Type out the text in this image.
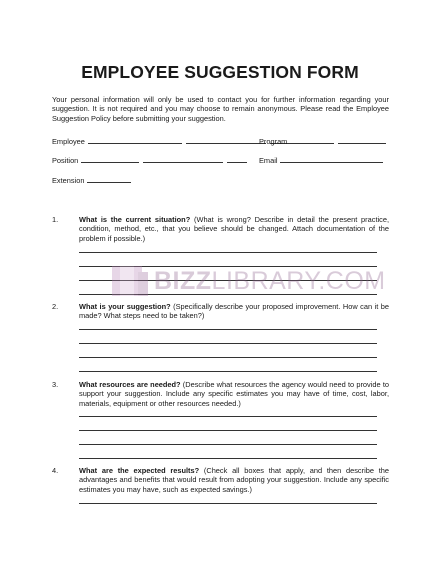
EMPLOYEE SUGGESTION FORM
Your personal information will only be used to contact you for further information regarding your suggestion. It is not required and you may choose to remain anonymous. Please read the Employee Suggestion Policy before submitting your suggestion.
Employee	Program
Position	Email
Extension
1.	What is the current situation? (What is wrong? Describe in detail the present practice, condition, method, etc., that you believe should be changed. Attach documentation of the problem if possible.)
2.	What is your suggestion? (Specifically describe your proposed improvement. How can it be made? What steps need to be taken?)
3.	What resources are needed? (Describe what resources the agency would need to provide to support your suggestion. Include any specific estimates you may have of time, cost, labor, materials, equipment or other resources needed.)
4.	What are the expected results? (Check all boxes that apply, and then describe the advantages and benefits that would result from adopting your suggestion. Include any specific estimates you may have, such as expected savings.)
BIZZLIBRARY.COM
